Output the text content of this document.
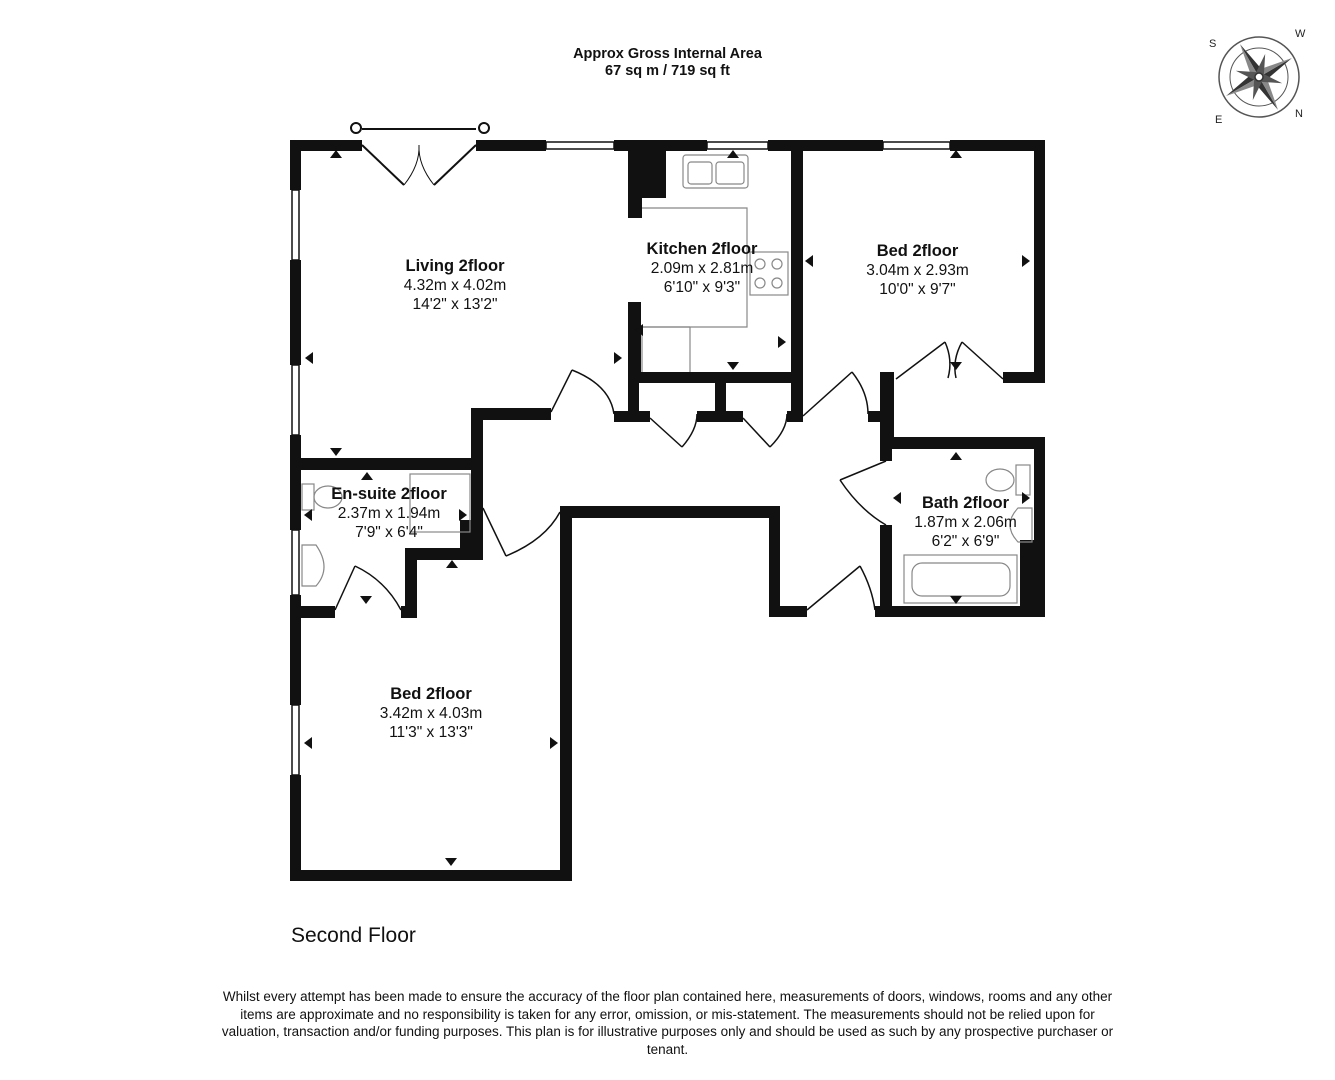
Approx Gross Internal Area
67 sq m / 719 sq ft
W
S
E	N
Living 2floor
4.32m x 4.02m
14'2" x 13'2"
Kitchen 2floor
2.09m x 2.81m
6'10" x 9'3"
Bed 2floor
3.04m x 2.93m
10'0" x 9'7"
En-suite 2floor
2.37m x 1.94m
7'9" x 6'4"
Bath 2floor
1.87m x 2.06m
6'2" x 6'9"
Bed 2floor
3.42m x 4.03m
11'3" x 13'3"
Second Floor
Whilst every attempt has been made to ensure the accuracy of the floor plan contained here, measurements of doors, windows, rooms and any other items are approximate and no responsibility is taken for any error, omission, or mis-statement. The measurements should not be relied upon for valuation, transaction and/or funding purposes. This plan is for illustrative purposes only and should be used as such by any prospective purchaser or tenant.
